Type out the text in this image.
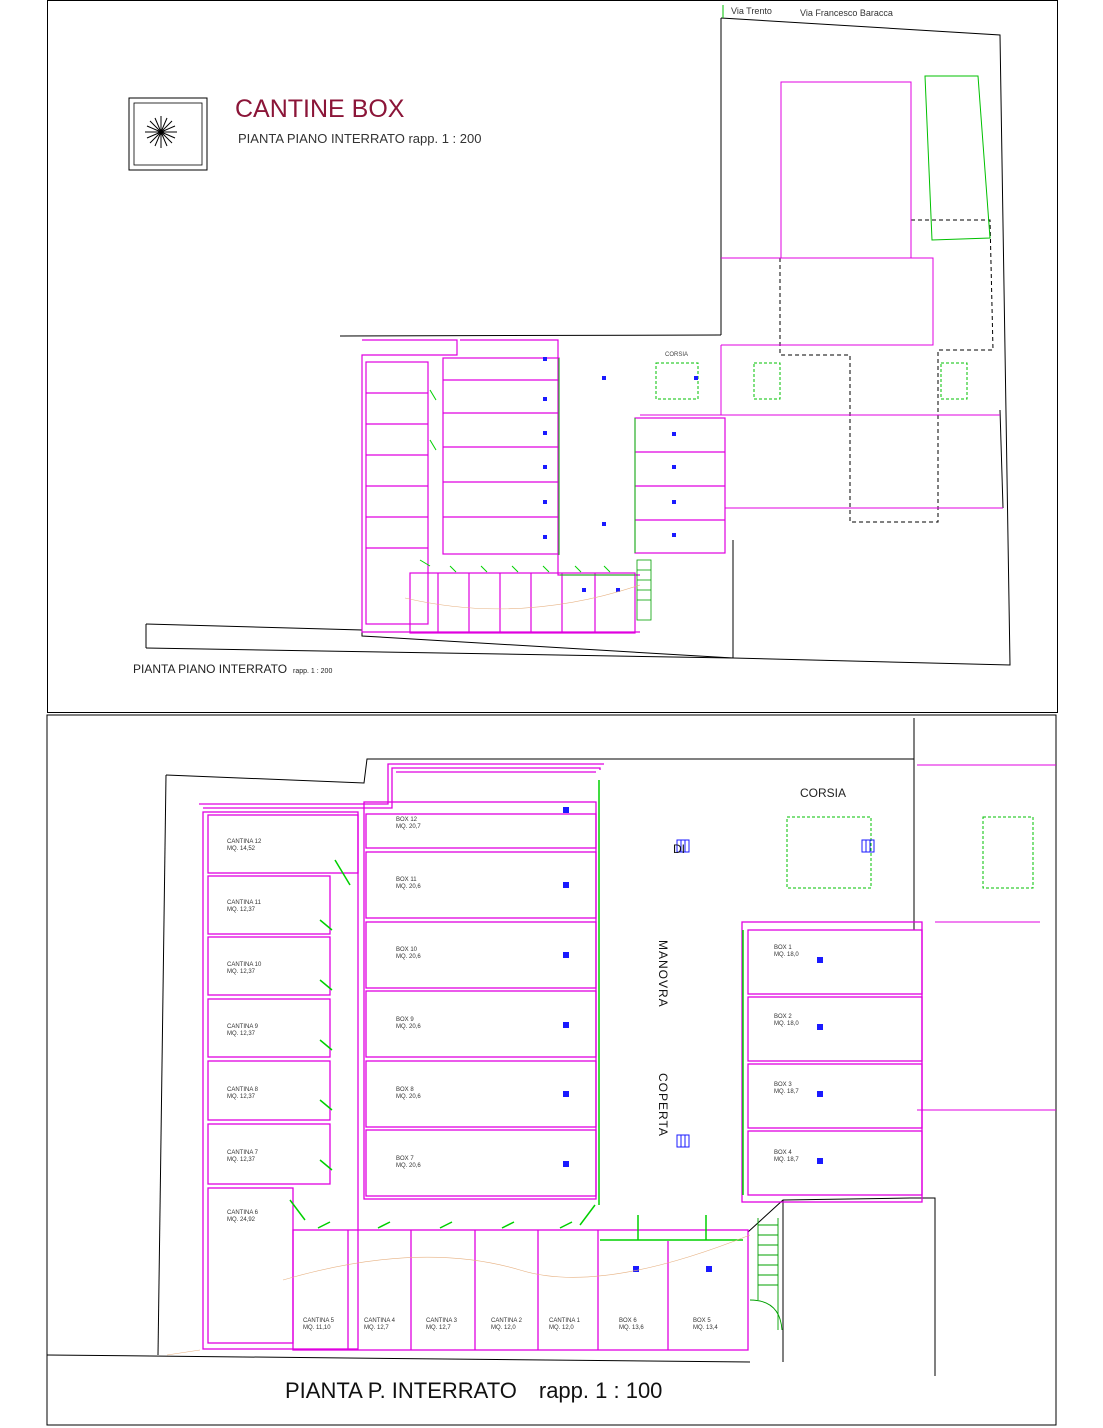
Via Trento	Via Francesco Baracca
CANTINE BOX
PIANTA PIANO INTERRATO rapp. 1 : 200
PIANTA PIANO INTERRATO rapp. 1 : 200
CORSIA
CORSIA
DI
MANOVRA
COPERTA
PIANTA P. INTERRATO rapp. 1 : 100
CANTINA 12
MQ. 14,52
CANTINA 11
MQ. 12,37
CANTINA 10
MQ. 12,37
CANTINA 9
MQ. 12,37
CANTINA 8
MQ. 12,37
CANTINA 7
MQ. 12,37
CANTINA 6
MQ. 24,92
BOX 12
MQ. 20,7
BOX 11
MQ. 20,6
BOX 10
MQ. 20,6
BOX 9
MQ. 20,6
BOX 8
MQ. 20,6
BOX 7
MQ. 20,6
BOX 1
MQ. 18,0
BOX 2
MQ. 18,0
BOX 3
MQ. 18,7
BOX 4
MQ. 18,7
CANTINA 5
MQ. 11,10
CANTINA 4
MQ. 12,7
CANTINA 3
MQ. 12,7
CANTINA 2
MQ. 12,0
CANTINA 1
MQ. 12,0
BOX 6
MQ. 13,6
BOX 5
MQ. 13,4
